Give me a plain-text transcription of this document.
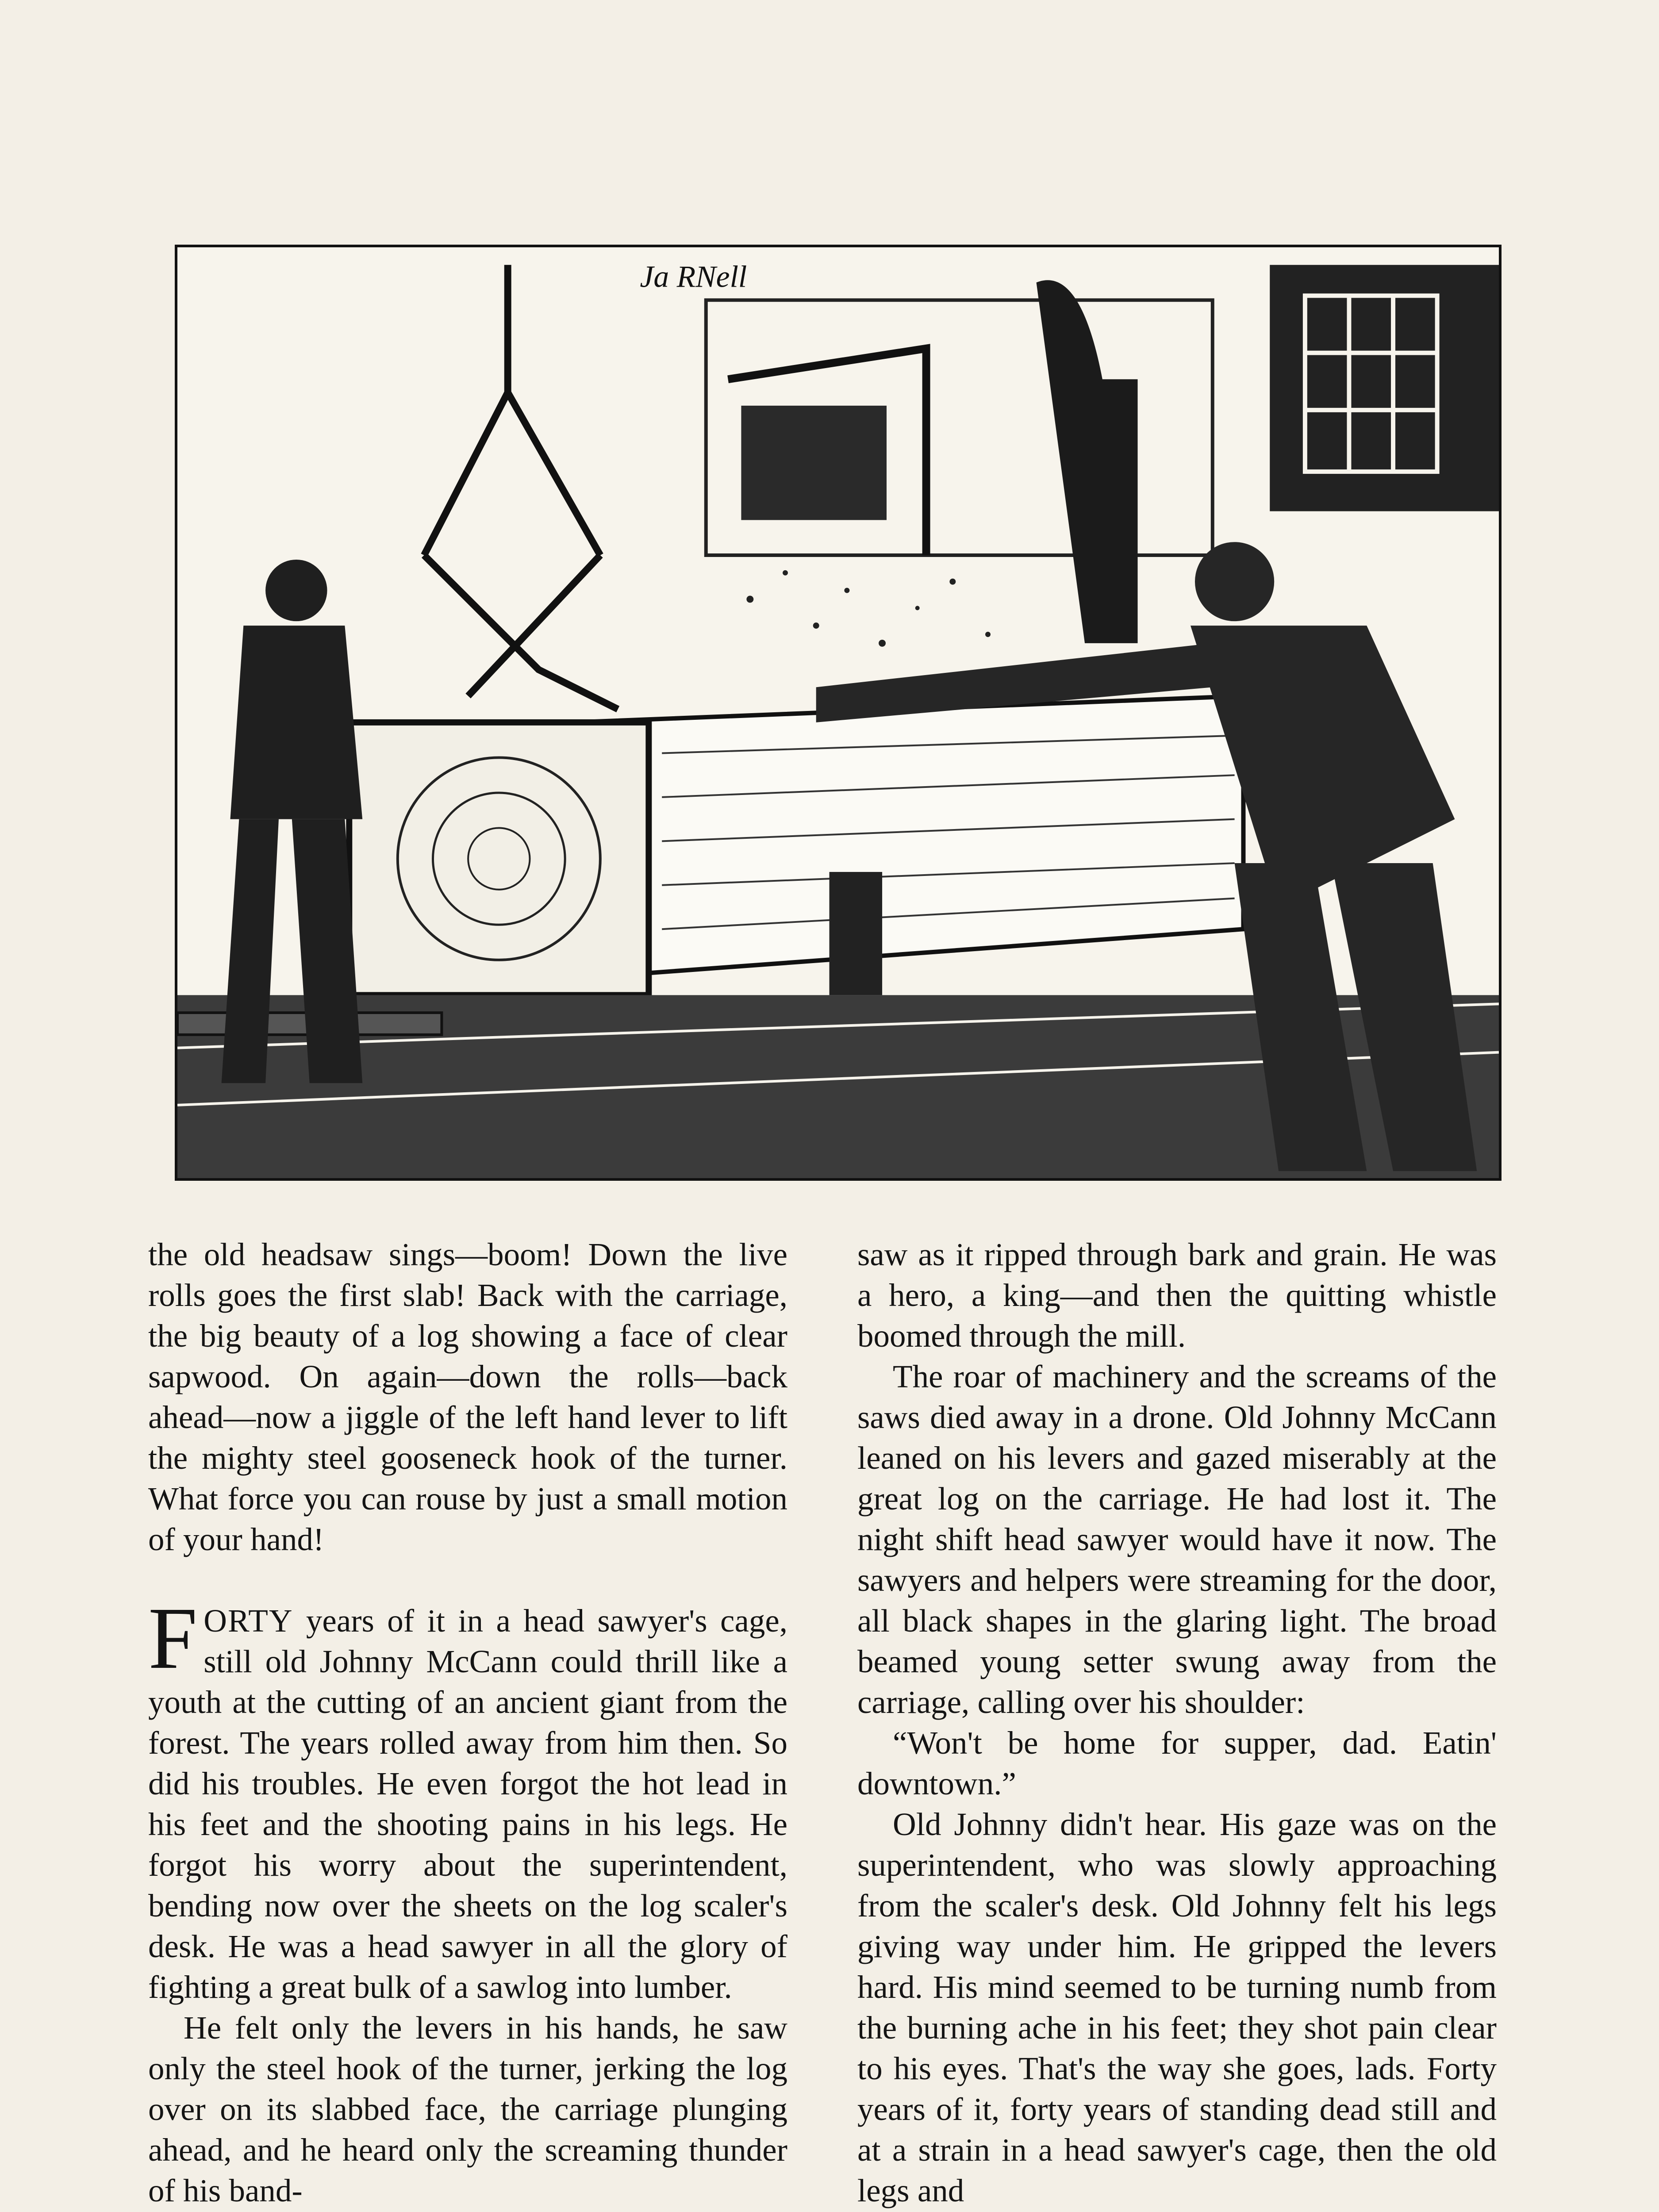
Ja RNell

the old headsaw sings—boom! Down the live rolls goes the first slab! Back with the carriage, the big beauty of a log showing a face of clear sapwood. On again—down the rolls—back ahead—now a jiggle of the left hand lever to lift the mighty steel gooseneck hook of the turner. What force you can rouse by just a small motion of your hand!

FORTY years of it in a head sawyer's cage, still old Johnny McCann could thrill like a youth at the cutting of an ancient giant from the forest. The years rolled away from him then. So did his troubles. He even forgot the hot lead in his feet and the shooting pains in his legs. He forgot his worry about the superintendent, bending now over the sheets on the log scaler's desk. He was a head sawyer in all the glory of fighting a great bulk of a sawlog into lumber.

He felt only the levers in his hands, he saw only the steel hook of the turner, jerking the log over on its slabbed face, the carriage plunging ahead, and he heard only the screaming thunder of his band-

saw as it ripped through bark and grain. He was a hero, a king—and then the quitting whistle boomed through the mill.

The roar of machinery and the screams of the saws died away in a drone. Old Johnny McCann leaned on his levers and gazed miserably at the great log on the carriage. He had lost it. The night shift head sawyer would have it now. The sawyers and helpers were streaming for the door, all black shapes in the glaring light. The broad beamed young setter swung away from the carriage, calling over his shoulder:

“Won't be home for supper, dad. Eatin' downtown.”

Old Johnny didn't hear. His gaze was on the superintendent, who was slowly approaching from the scaler's desk. Old Johnny felt his legs giving way under him. He gripped the levers hard. His mind seemed to be turning numb from the burning ache in his feet; they shot pain clear to his eyes. That's the way she goes, lads. Forty years of it, forty years of standing dead still and at a strain in a head sawyer's cage, then the old legs and
